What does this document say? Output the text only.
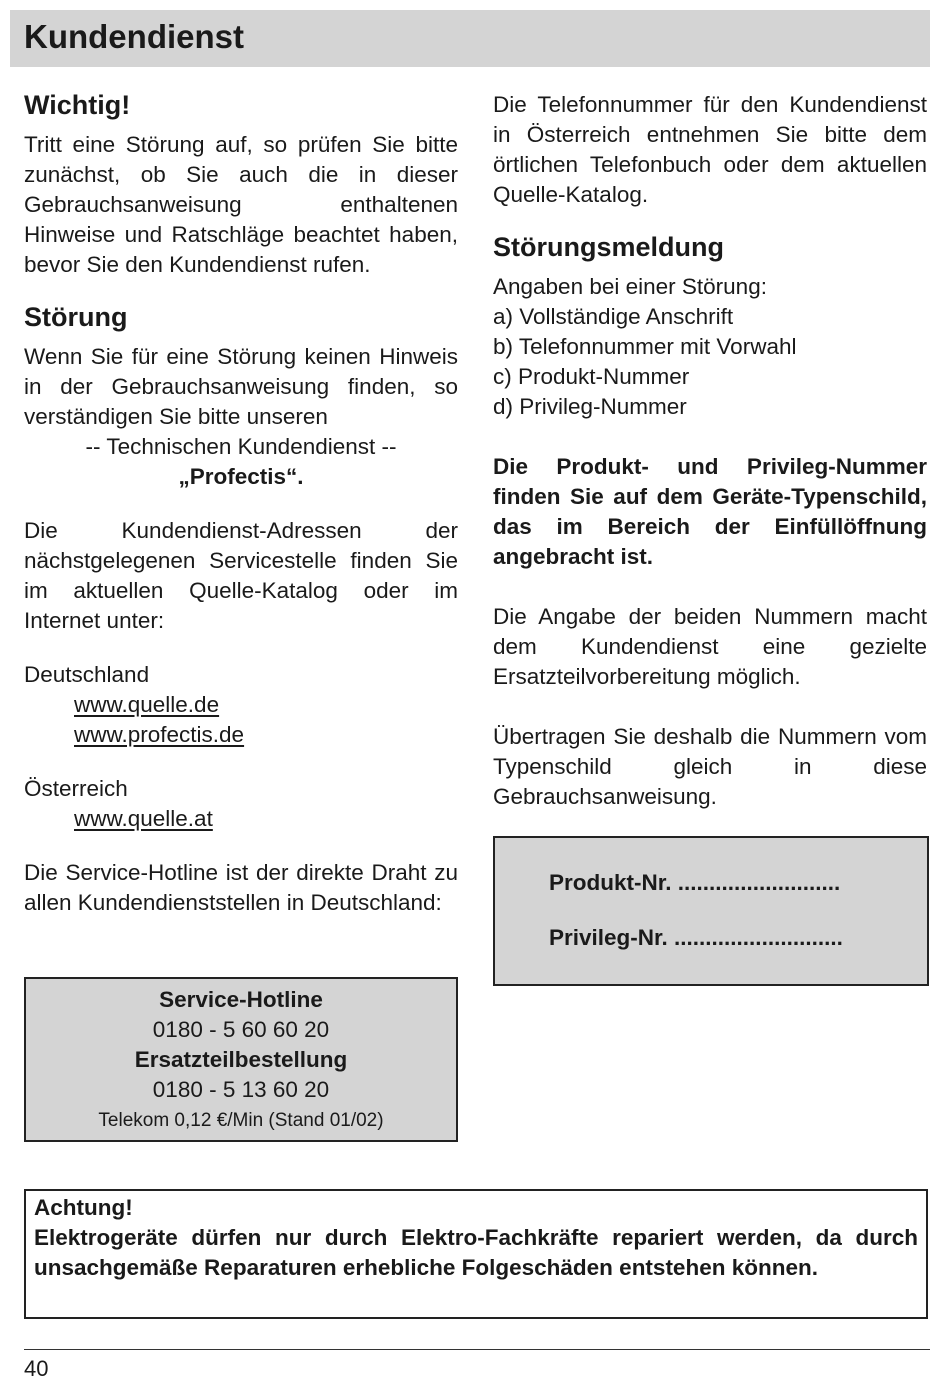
Kundendienst
Wichtig!

Tritt eine Störung auf, so prüfen Sie bitte zunächst, ob Sie auch die in dieser Gebrauchsanweisung enthaltenen Hinweise und Ratschläge beachtet haben, bevor Sie den Kundendienst rufen.

Störung

Wenn Sie für eine Störung keinen Hinweis in der Gebrauchsanweisung finden, so verständigen Sie bitte unseren

-- Technischen Kundendienst --

„Profectis“.

Die Kundendienst-Adressen der nächstgelegenen Servicestelle finden Sie im aktuellen Quelle-Katalog oder im Internet unter:

Deutschland

www.quelle.de

www.profectis.de

Österreich

www.quelle.at

Die Service-Hotline ist der direkte Draht zu allen Kundendienststellen in Deutschland:

Service-Hotline

0180 - 5 60 60 20

Ersatzteilbestellung

0180 - 5 13 60 20

Telekom 0,12 €/Min (Stand 01/02)

Die Telefonnummer für den Kundendienst in Österreich entnehmen Sie bitte dem örtlichen Telefonbuch oder dem aktuellen Quelle-Katalog.

Störungsmeldung

Angaben bei einer Störung:

a) Vollständige Anschrift
b) Telefonnummer mit Vorwahl
c) Produkt-Nummer
d) Privileg-Nummer

Die Produkt- und Privileg-Nummer finden Sie auf dem Geräte-Typenschild, das im Bereich der Einfüllöffnung angebracht ist.

Die Angabe der beiden Nummern macht dem Kundendienst eine gezielte Ersatzteilvorbereitung möglich.

Übertragen Sie deshalb die Nummern vom Typenschild gleich in diese Gebrauchsanweisung.

Produkt-Nr. ..........................

Privileg-Nr. ...........................

Achtung!

Elektrogeräte dürfen nur durch Elektro-Fachkräfte repariert werden, da durch unsachgemäße Reparaturen erhebliche Folgeschäden entstehen können.

40
